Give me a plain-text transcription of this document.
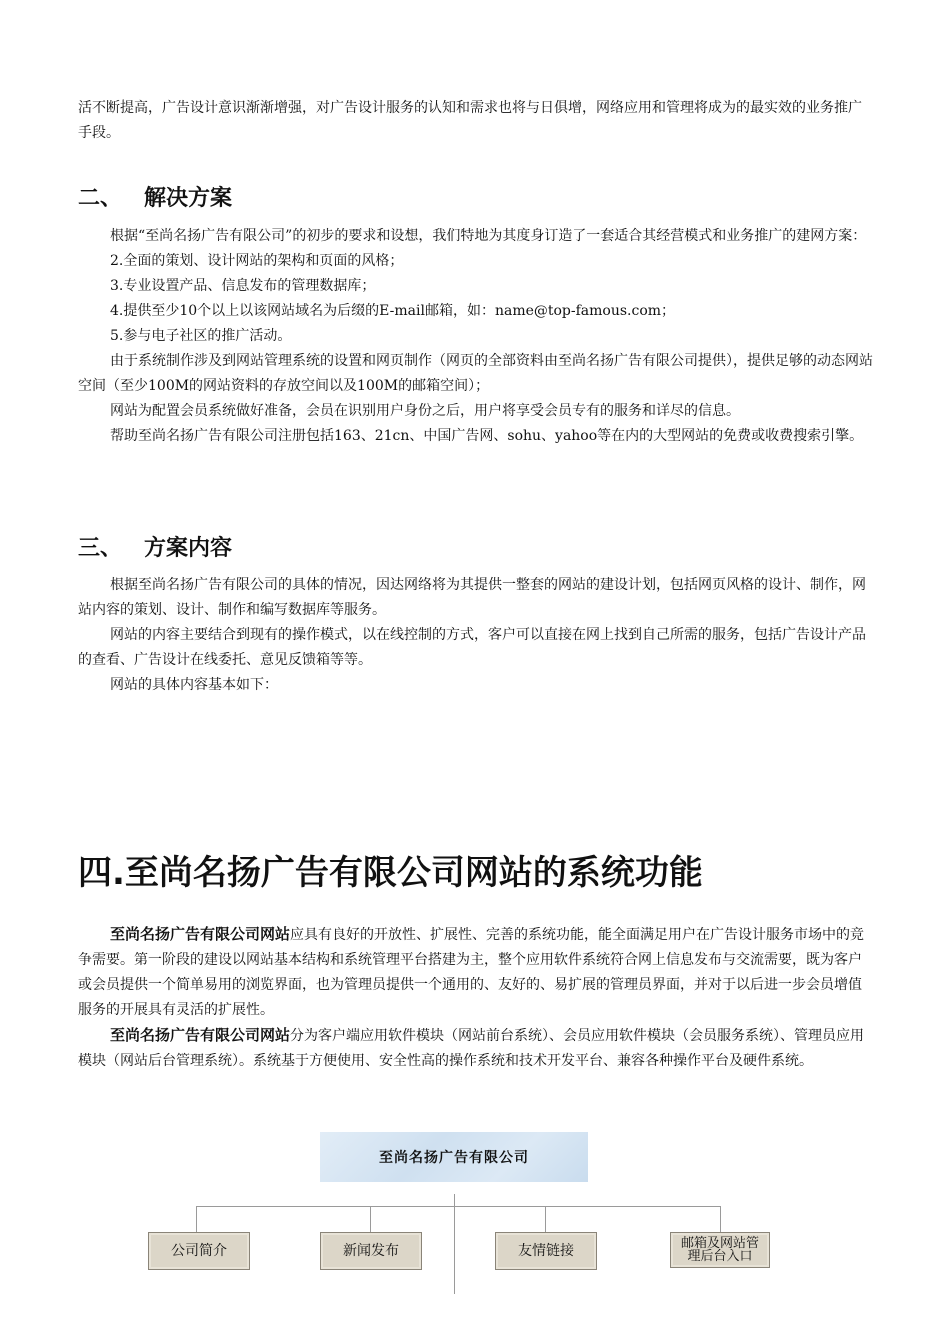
活不断提高，广告设计意识渐渐增强，对广告设计服务的认知和需求也将与日俱增，网络应用和管理将成为的最实效的业务推广手段。

二、 解决方案

根据“至尚名扬广告有限公司”的初步的要求和设想，我们特地为其度身订造了一套适合其经营模式和业务推广的建网方案：

2.全面的策划、设计网站的架构和页面的风格；

3.专业设置产品、信息发布的管理数据库；

4.提供至少10个以上以该网站域名为后缀的E-mail邮箱，如：name@top-famous.com；

5.参与电子社区的推广活动。

由于系统制作涉及到网站管理系统的设置和网页制作（网页的全部资料由至尚名扬广告有限公司提供），提供足够的动态网站空间（至少100M的网站资料的存放空间以及100M的邮箱空间）；

网站为配置会员系统做好准备，会员在识别用户身份之后，用户将享受会员专有的服务和详尽的信息。

帮助至尚名扬广告有限公司注册包括163、21cn、中国广告网、sohu、yahoo等在内的大型网站的免费或收费搜索引擎。

三、 方案内容

根据至尚名扬广告有限公司的具体的情况，因达网络将为其提供一整套的网站的建设计划，包括网页风格的设计、制作，网站内容的策划、设计、制作和编写数据库等服务。

网站的内容主要结合到现有的操作模式，以在线控制的方式，客户可以直接在网上找到自己所需的服务，包括广告设计产品的查看、广告设计在线委托、意见反馈箱等等。

网站的具体内容基本如下：

四.至尚名扬广告有限公司网站的系统功能

至尚名扬广告有限公司网站应具有良好的开放性、扩展性、完善的系统功能，能全面满足用户在广告设计服务市场中的竞争需要。第一阶段的建设以网站基本结构和系统管理平台搭建为主，整个应用软件系统符合网上信息发布与交流需要，既为客户或会员提供一个简单易用的浏览界面，也为管理员提供一个通用的、友好的、易扩展的管理员界面，并对于以后进一步会员增值服务的开展具有灵活的扩展性。

至尚名扬广告有限公司网站分为客户端应用软件模块（网站前台系统）、会员应用软件模块（会员服务系统）、管理员应用模块（网站后台管理系统）。系统基于方便使用、安全性高的操作系统和技术开发平台、兼容各种操作平台及硬件系统。

至尚名扬广告有限公司
公司简介	新闻发布	友情链接	邮箱及网站管理后台入口
